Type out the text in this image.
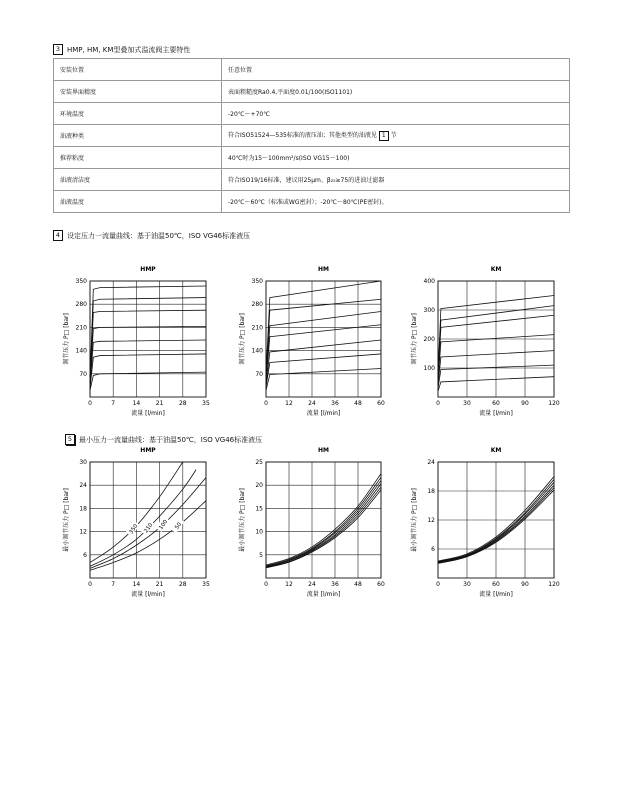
3 HMP, HM, KM型叠加式溢流阀主要特性
安装位置	任意位置
安装界面精度	表面粗糙度Ra0.4,平面度0.01/100(ISO1101)
环境温度	-20℃～+70℃
油液种类	符合ISO51524—535标准的液压油；其他类型的油液见 1 节
推荐粘度	40℃时为15～100mm²/s(ISO VG15～100)
油液清洁度	符合ISO19/16标准，建议用25μm、β₂₅≥75的进油过滤器
油液温度	-20℃～60℃（标准或WG密封）；-20℃～80℃(PE密封)。
4 设定压力一流量曲线：基于油温50℃，ISO VG46标准液压
5 最小压力一流量曲线：基于油温50℃，ISO VG46标准液压
HMP
0	7	14	21	28	35
70
140
210
280
350
流量 [l/min]
调节压力 P□ [bar]
HM
0	12	24	36	48	60
70
140
210
280
350
流量 [l/min]
调节压力 P□ [bar]
KM
0	30	60	90	120
100
200
300
400
流量 [l/min]
调节压力 P□ [bar]
HMP
0	7	14	21	28	35
6
12
18
24
30
流量 [l/min]
最小调节压力 P□ [bar]	350 210 100 50
HM
0	12	24	36	48	60
5
10
15
20
25
流量 [l/min]
最小调节压力 P□ [bar]
KM
0	30	60	90	120
6
12
18
24
流量 [l/min]
最小调节压力 P□ [bar]
